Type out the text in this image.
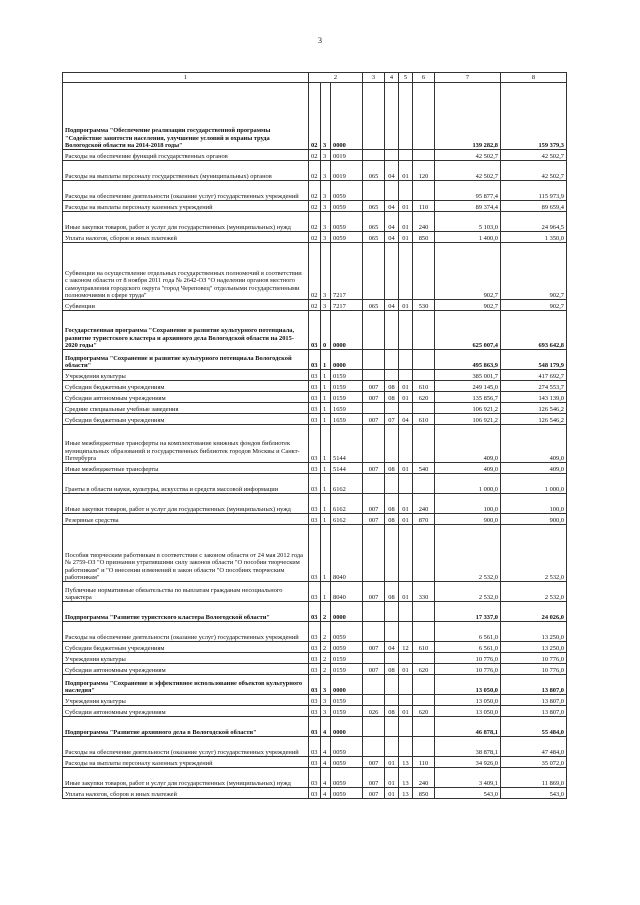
3
1	2			3	4	5	6	7	8
Подпрограмма "Обеспечение реализации государственной программы "Содействие занятости населения, улучшение условий и охраны труда Вологодской области на 2014-2018 годы"	02	3	0000					139 282,8	159 379,3
Расходы на обеспечение функций государственных органов	02	3	0019					42 502,7	42 502,7
Расходы на выплаты персоналу государственных (муниципальных) органов	02	3	0019	065	04	01	120	42 502,7	42 502,7
Расходы на обеспечение деятельности (оказание услуг) государственных учреждений	02	3	0059					95 877,4	115 973,9
Расходы на выплаты персоналу казенных учреждений	02	3	0059	065	04	01	110	89 374,4	89 659,4
Иные закупки товаров, работ и услуг для государственных (муниципальных) нужд	02	3	0059	065	04	01	240	5 103,0	24 964,5
Уплата налогов, сборов и иных платежей	02	3	0059	065	04	01	850	1 400,0	1 350,0
Субвенции на осуществление отдельных государственных полномочий в соответствии с законом области от 8 ноября 2011 года № 2642-ОЗ "О наделении органов местного самоуправления городского округа "город Череповец" отдельными государственными полномочиями в сфере труда"	02	3	7217					902,7	902,7
Субвенции	02	3	7217	065	04	01	530	902,7	902,7
Государственная программа "Сохранение и развитие культурного потенциала, развитие туристского кластера и архивного дела Вологодской области на 2015-2020 годы"	03	0	0000					625 007,4	693 642,8
Подпрограмма "Сохранение и развитие культурного потенциала Вологодской области"	03	1	0000					495 863,9	548 179,9
Учреждения культуры	03	1	0159					385 001,7	417 692,7
Субсидии бюджетным учреждениям	03	1	0159	007	08	01	610	249 145,0	274 553,7
Субсидии автономным учреждениям	03	1	0159	007	08	01	620	135 856,7	143 139,0
Средние специальные учебные заведения	03	1	1659					106 921,2	126 546,2
Субсидии бюджетным учреждениям	03	1	1659	007	07	04	610	106 921,2	126 546,2
Иные межбюджетные трансферты на комплектование книжных фондов библиотек муниципальных образований и государственных библиотек городов Москвы и Санкт-Петербурга	03	1	5144					409,0	409,0
Иные межбюджетные трансферты	03	1	5144	007	08	01	540	409,0	409,0
Гранты в области науки, культуры, искусства и средств массовой информации	03	1	6162					1 000,0	1 000,0
Иные закупки товаров, работ и услуг для государственных (муниципальных) нужд	03	1	6162	007	08	01	240	100,0	100,0
Резервные средства	03	1	6162	007	08	01	870	900,0	900,0
Пособия творческим работникам в соответствии с законом области от 24 мая 2012 года № 2759-ОЗ "О признании утратившими силу законов области "О пособии творческим работникам" и "О внесении изменений в закон области "О пособиях творческим работникам"	03	1	8040					2 532,0	2 532,0
Публичные нормативные обязательства по выплатам гражданам несоциального характера	03	1	8040	007	08	01	330	2 532,0	2 532,0
Подпрограмма "Развитие туристского кластера Вологодской области"	03	2	0000					17 337,0	24 026,0
Расходы на обеспечение деятельности (оказание услуг) государственных учреждений	03	2	0059					6 561,0	13 250,0
Субсидии бюджетным учреждениям	03	2	0059	007	04	12	610	6 561,0	13 250,0
Учреждения культуры	03	2	0159					10 776,0	10 776,0
Субсидии автономным учреждениям	03	2	0159	007	08	01	620	10 776,0	10 776,0
Подпрограмма "Сохранение и эффективное использование объектов культурного наследия"	03	3	0000					13 050,0	13 807,0
Учреждения культуры	03	3	0159					13 050,0	13 807,0
Субсидии автономным учреждениям	03	3	0159	026	08	01	620	13 050,0	13 807,0
Подпрограмма "Развитие архивного дела в Вологодской области"	03	4	0000					46 878,1	55 484,0
Расходы на обеспечение деятельности (оказание услуг) государственных учреждений	03	4	0059					38 878,1	47 484,0
Расходы на выплаты персоналу казенных учреждений	03	4	0059	007	01	13	110	34 926,0	35 072,0
Иные закупки товаров, работ и услуг для государственных (муниципальных) нужд	03	4	0059	007	01	13	240	3 409,1	11 869,0
Уплата налогов, сборов и иных платежей	03	4	0059	007	01	13	850	543,0	543,0
